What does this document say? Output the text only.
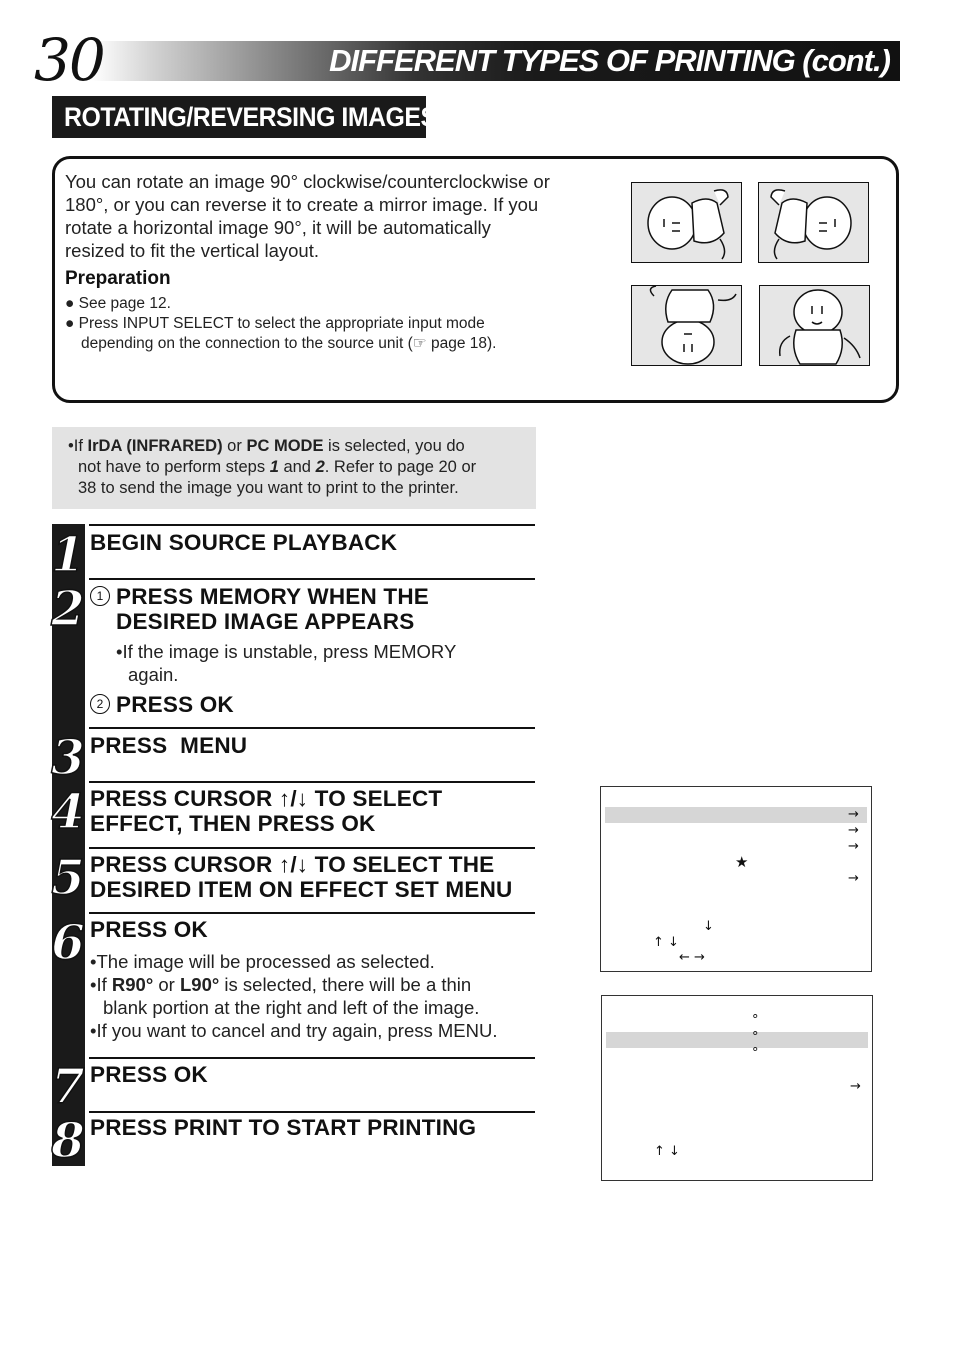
30	DIFFERENT TYPES OF PRINTING (cont.)
ROTATING/REVERSING IMAGES
You can rotate an image 90° clockwise/counterclockwise or
180°, or you can reverse it to create a mirror image. If you
rotate a horizontal image 90°, it will be automatically
resized to fit the vertical layout.
Preparation
● See page 12.
● Press INPUT SELECT to select the appropriate input mode
depending on the connection to the source unit (☞ page 18).
•If IrDA (INFRARED) or PC MODE is selected, you do
not have to perform steps 1 and 2. Refer to page 20 or
38 to send the image you want to print to the printer.
1
2
3
4
5
6
7
8
BEGIN SOURCE PLAYBACK
1 PRESS MEMORY WHEN THE
DESIRED IMAGE APPEARS
•If the image is unstable, press MEMORY
again.
2 PRESS OK
PRESS  MENU
PRESS CURSOR ↑/↓ TO SELECT
EFFECT, THEN PRESS OK
PRESS CURSOR ↑/↓ TO SELECT THE
DESIRED ITEM ON EFFECT SET MENU
PRESS OK
•The image will be processed as selected.
•If R90° or L90° is selected, there will be a thin
blank portion at the right and left of the image.
•If you want to cancel and try again, press MENU.
PRESS OK
PRESS PRINT TO START PRINTING
→
→
→
★
→
↓
↑ ↓
← →
°
°
°
→
↑ ↓
